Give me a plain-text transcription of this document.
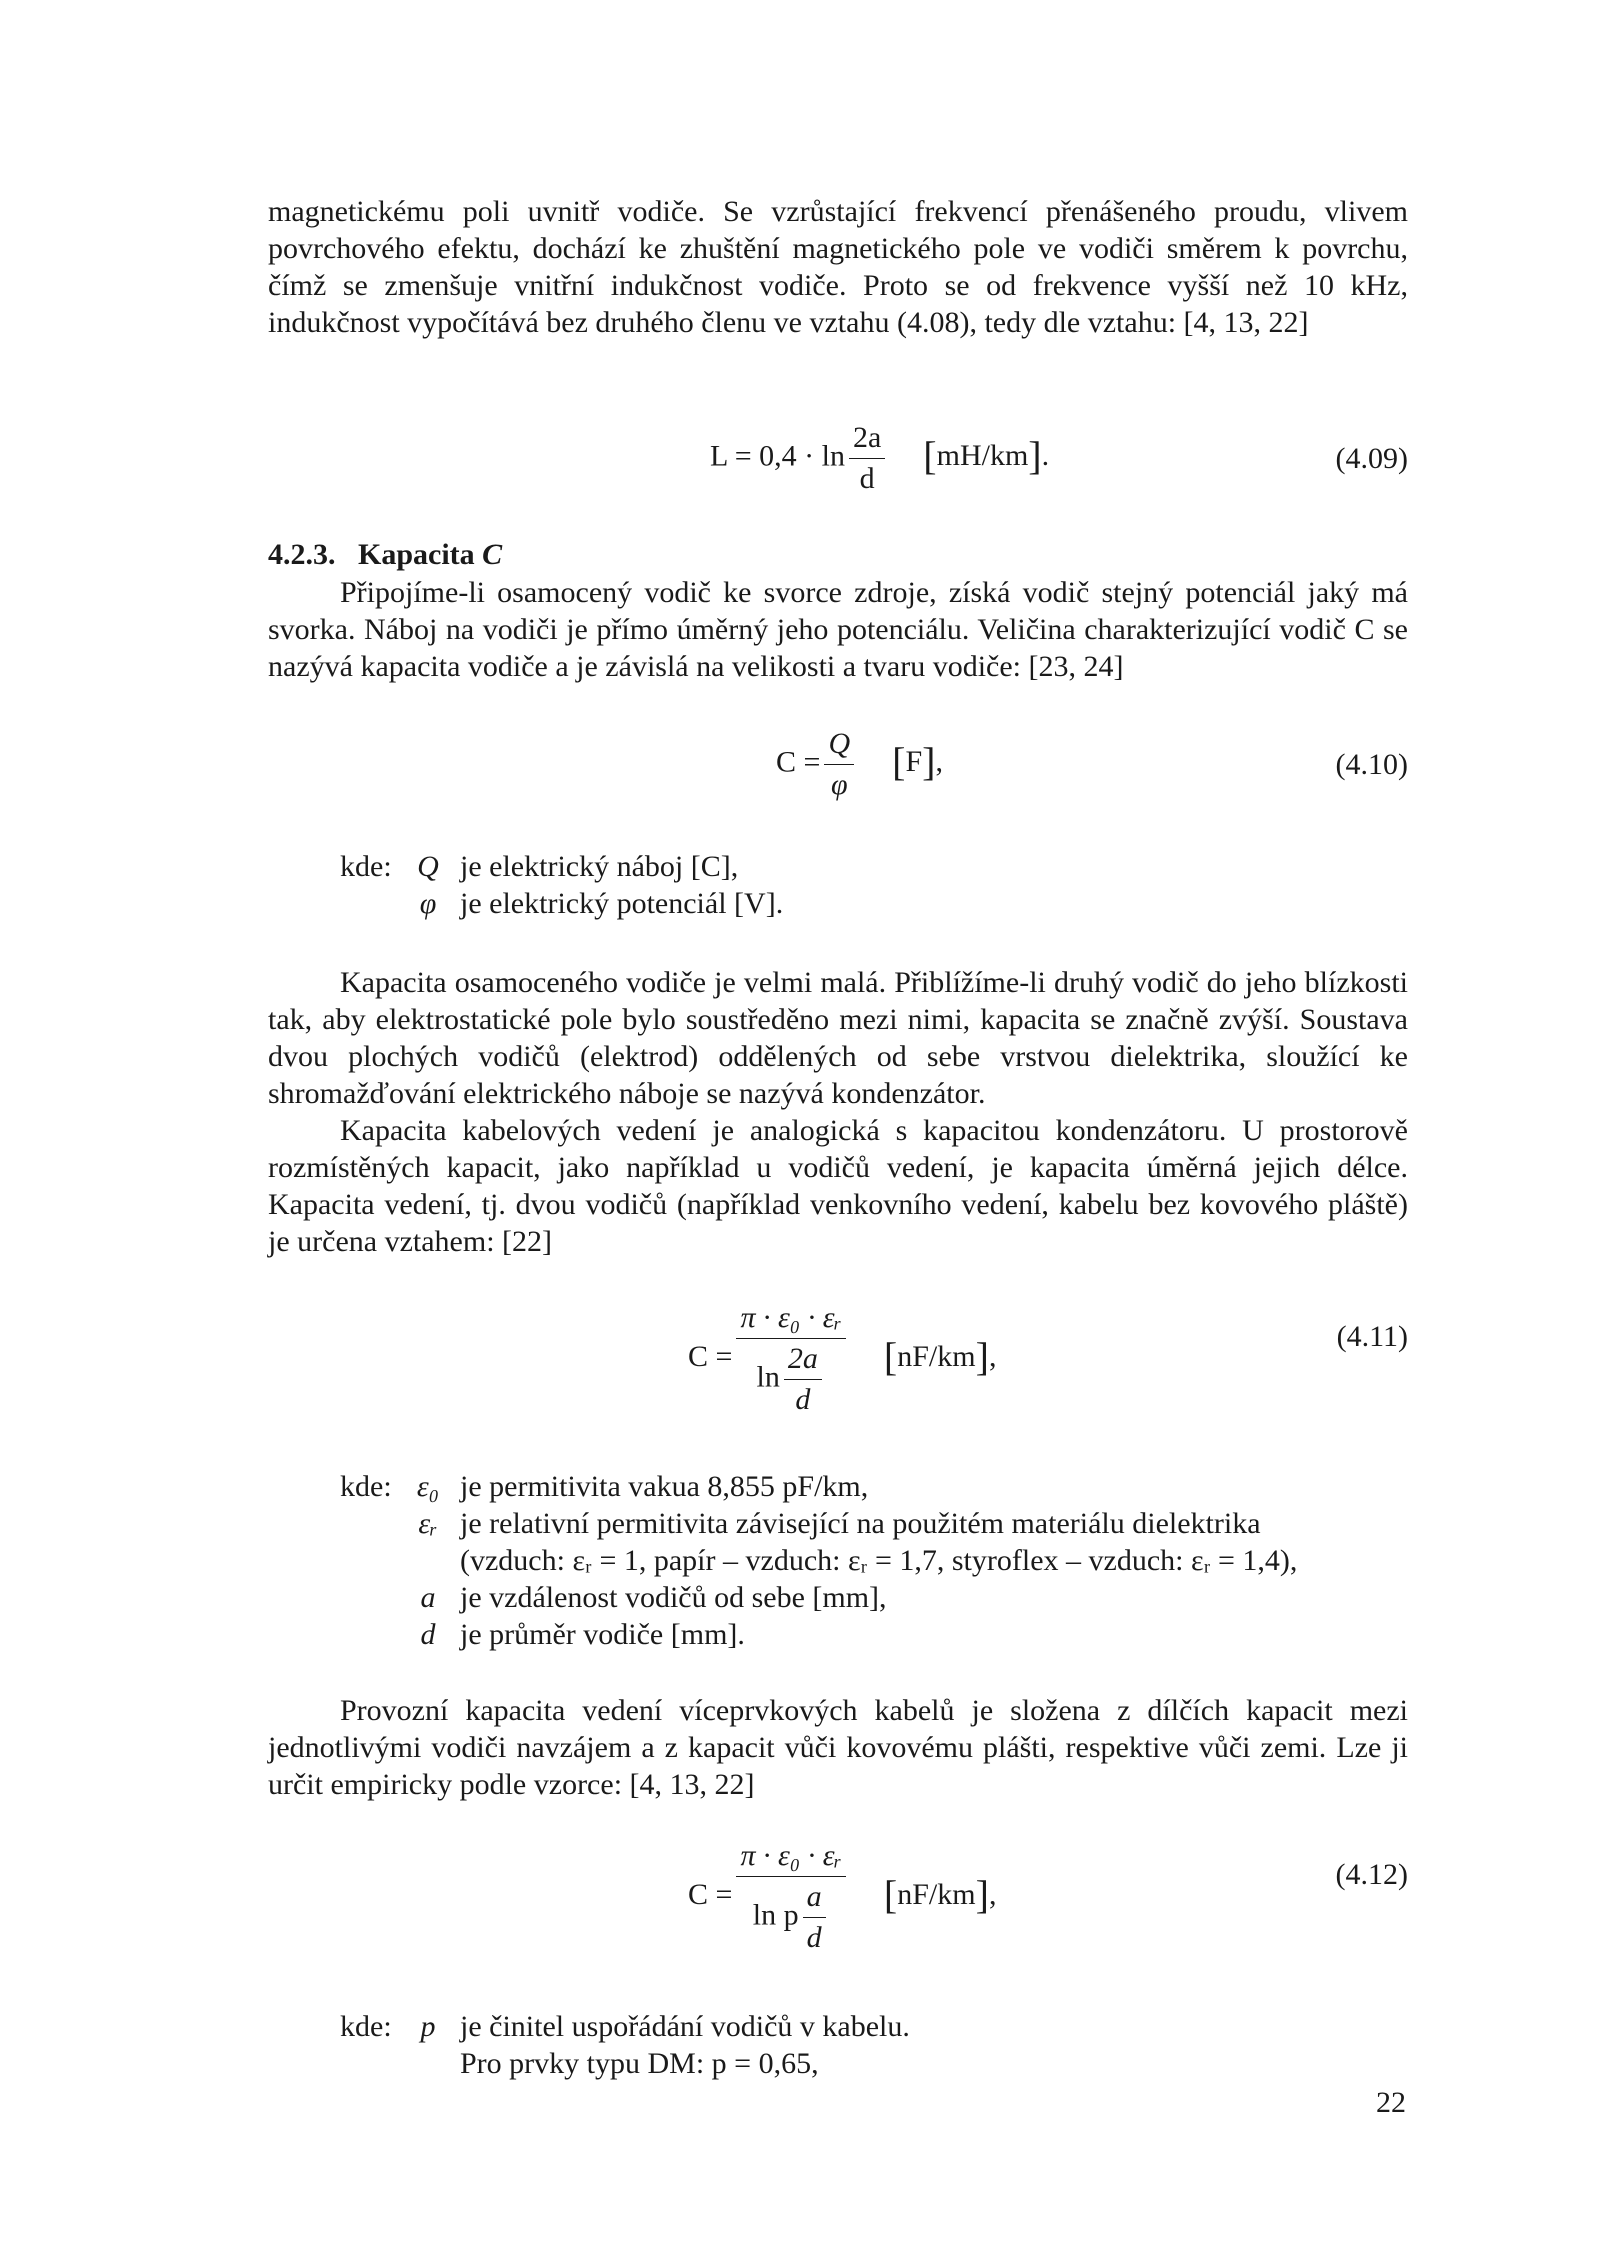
magnetickému poli uvnitř vodiče. Se vzrůstající frekvencí přenášeného proudu, vlivem povrchového efektu, dochází ke zhuštění magnetického pole ve vodiči směrem k povrchu, čímž se zmenšuje vnitřní indukčnost vodiče. Proto se od frekvence vyšší než 10 kHz, indukčnost vypočítává bez druhého členu ve vztahu (4.08), tedy dle vztahu: [4, 13, 22]

$L = 0,4 \cdot \ln \frac{2a}{d} [mH/km]$.	(4.09)
4.2.3. Kapacita C

Připojíme-li osamocený vodič ke svorce zdroje, získá vodič stejný potenciál jaký má svorka. Náboj na vodiči je přímo úměrný jeho potenciálu. Veličina charakterizující vodič C se nazývá kapacita vodiče a je závislá na velikosti a tvaru vodiče: [23, 24]

$C = \frac{Q}{\varphi} [F]$,	(4.10)
kde: Q je elektrický náboj [C],
φ je elektrický potenciál [V].

Kapacita osamoceného vodiče je velmi malá. Přiblížíme-li druhý vodič do jeho blízkosti tak, aby elektrostatické pole bylo soustředěno mezi nimi, kapacita se značně zvýší. Soustava dvou plochých vodičů (elektrod) oddělených od sebe vrstvou dielektrika, sloužící ke shromažďování elektrického náboje se nazývá kondenzátor.

Kapacita kabelových vedení je analogická s kapacitou kondenzátoru. U prostorově rozmístěných kapacit, jako například u vodičů vedení, je kapacita úměrná jejich délce. Kapacita vedení, tj. dvou vodičů (například venkovního vedení, kabelu bez kovového pláště) je určena vztahem: [22]

$C = \frac{\text{π · ε₀ · εᵣ}}{\ln \frac{2a}{d}} [nF/km]$,
(4.11)
kde: ε₀ je permitivita vakua 8,855 pF/km,
εᵣ je relativní permitivita závisející na použitém materiálu dielektrika
(vzduch: εᵣ = 1, papír – vzduch: εᵣ = 1,7, styroflex – vzduch: εᵣ = 1,4),
a je vzdálenost vodičů od sebe [mm],
d je průměr vodiče [mm].

Provozní kapacita vedení víceprvkových kabelů je složena z dílčích kapacit mezi jednotlivými vodiči navzájem a z kapacit vůči kovovému plášti, respektive vůči zemi. Lze ji určit empiricky podle vzorce: [4, 13, 22]

$C = \frac{\text{π · ε₀ · εᵣ}}{\ln p \frac{a}{d}} [nF/km]$,
(4.12)
kde: p je činitel uspořádání vodičů v kabelu.
Pro prvky typu DM: p = 0,65,
22
